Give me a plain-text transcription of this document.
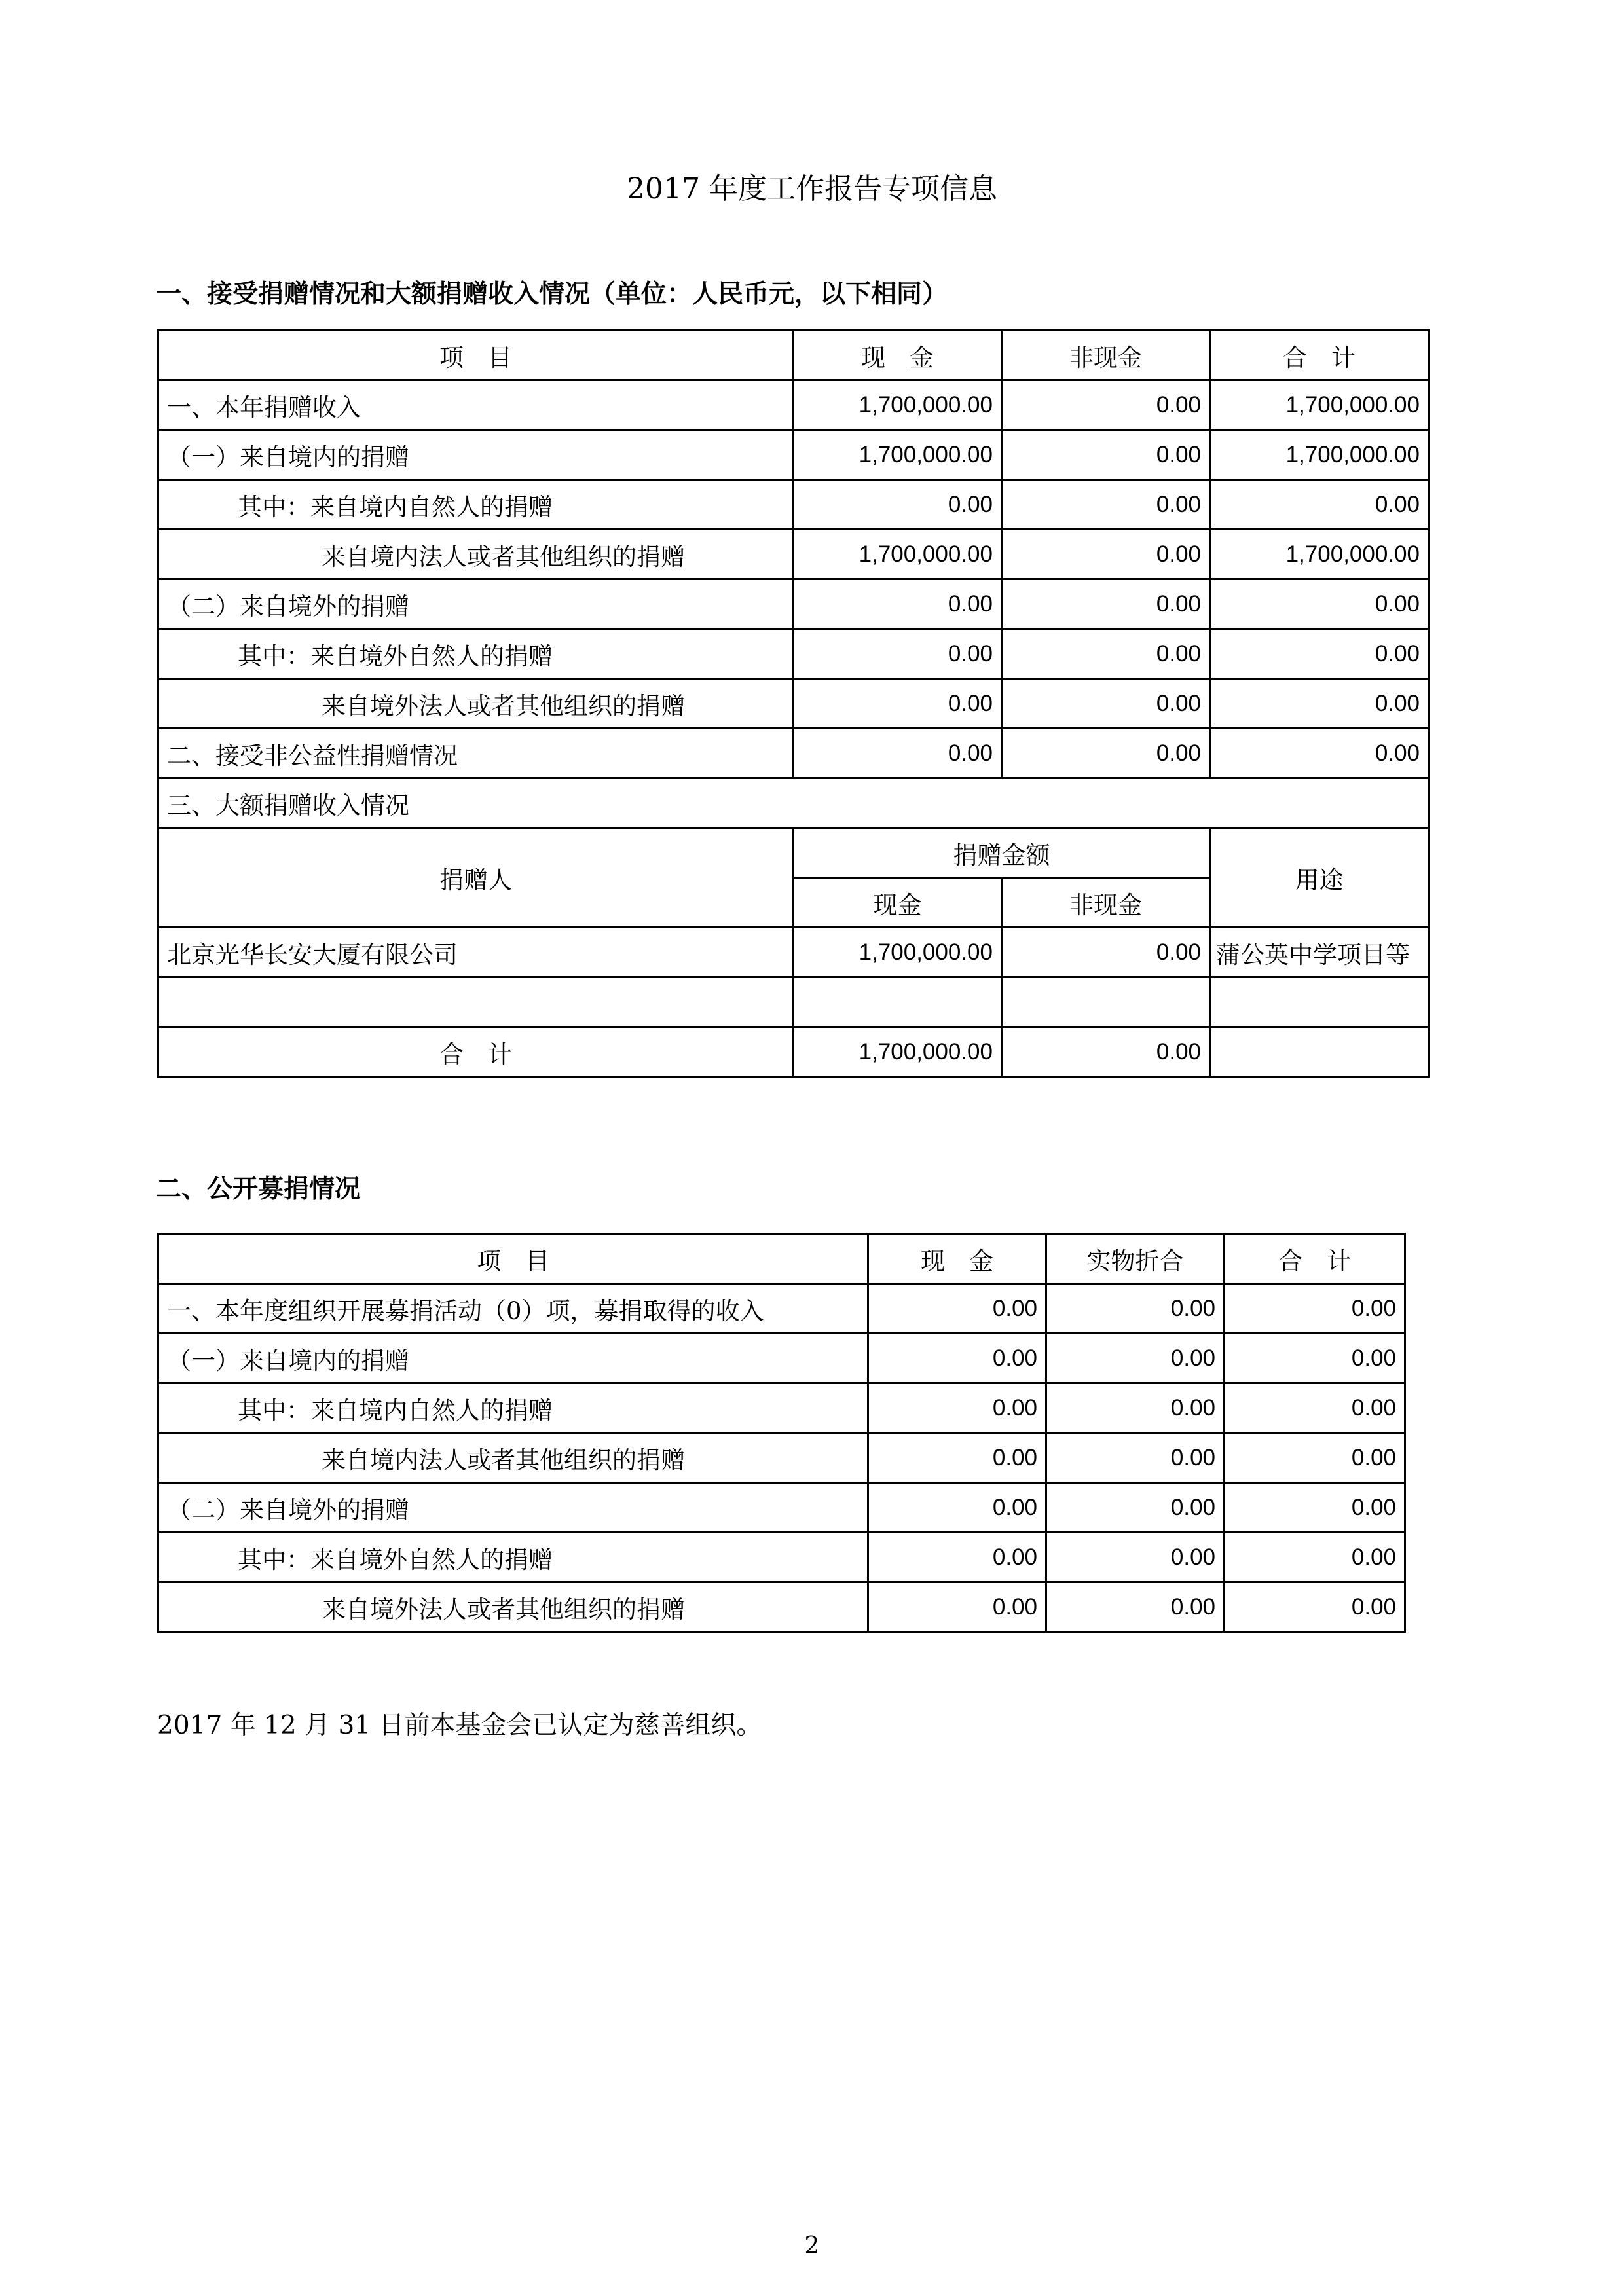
2017 年度工作报告专项信息
一、接受捐赠情况和大额捐赠收入情况（单位：人民币元，以下相同）
项　目	现　金	非现金	合　计
一、本年捐赠收入	1,700,000.00	0.00	1,700,000.00
（一）来自境内的捐赠	1,700,000.00	0.00	1,700,000.00
其中：来自境内自然人的捐赠	0.00	0.00	0.00
来自境内法人或者其他组织的捐赠	1,700,000.00	0.00	1,700,000.00
（二）来自境外的捐赠	0.00	0.00	0.00
其中：来自境外自然人的捐赠	0.00	0.00	0.00
来自境外法人或者其他组织的捐赠	0.00	0.00	0.00
二、接受非公益性捐赠情况	0.00	0.00	0.00
三、大额捐赠收入情况			
捐赠人	捐赠金额		用途
	现金	非现金	
北京光华长安大厦有限公司	1,700,000.00	0.00	蒲公英中学项目等

合　计	1,700,000.00	0.00	
二、公开募捐情况
项　目	现　金	实物折合	合　计
一、本年度组织开展募捐活动（0）项，募捐取得的收入	0.00	0.00	0.00
（一）来自境内的捐赠	0.00	0.00	0.00
其中：来自境内自然人的捐赠	0.00	0.00	0.00
来自境内法人或者其他组织的捐赠	0.00	0.00	0.00
（二）来自境外的捐赠	0.00	0.00	0.00
其中：来自境外自然人的捐赠	0.00	0.00	0.00
来自境外法人或者其他组织的捐赠	0.00	0.00	0.00
2017 年 12 月 31 日前本基金会已认定为慈善组织。
2
